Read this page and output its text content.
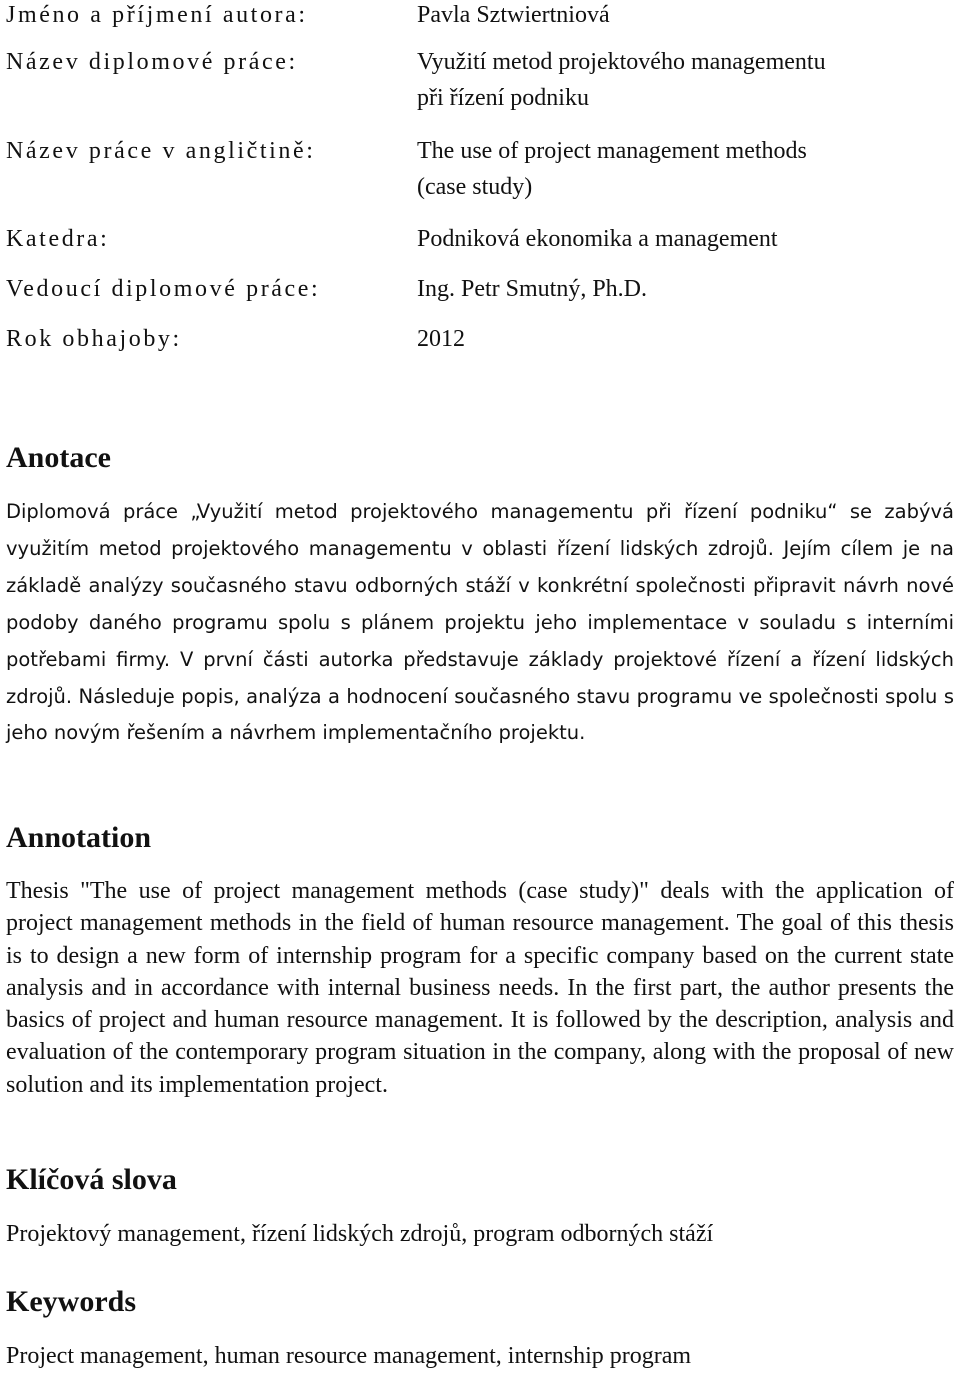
Jméno a příjmení autora:	Pavla Sztwiertniová
Název diplomové práce:	Využití metod projektového managementu
při řízení podniku
Název práce v angličtině:	The use of project management methods
(case study)
Katedra:	Podniková ekonomika a management
Vedoucí diplomové práce:	Ing. Petr Smutný, Ph.D.
Rok obhajoby:	2012
Anotace

Diplomová práce „Využití metod projektového managementu při řízení podniku“ se zabývá využitím metod projektového managementu v oblasti řízení lidských zdrojů. Jejím cílem je na základě analýzy současného stavu odborných stáží v konkrétní společnosti připravit návrh nové podoby daného programu spolu s plánem projektu jeho implementace v souladu s interními potřebami firmy. V první části autorka představuje základy projektové řízení a řízení lidských zdrojů. Následuje popis, analýza a hodnocení současného stavu programu ve společnosti spolu s jeho novým řešením a návrhem implementačního projektu.

Annotation

Thesis "The use of project management methods (case study)" deals with the application of project management methods in the field of human resource management. The goal of this thesis is to design a new form of internship program for a specific company based on the current state analysis and in accordance with internal business needs. In the first part, the author presents the basics of project and human resource management. It is followed by the description, analysis and evaluation of the contemporary program situation in the company, along with the proposal of new solution and its implementation project.

Klíčová slova

Projektový management, řízení lidských zdrojů, program odborných stáží

Keywords

Project management, human resource management, internship program
